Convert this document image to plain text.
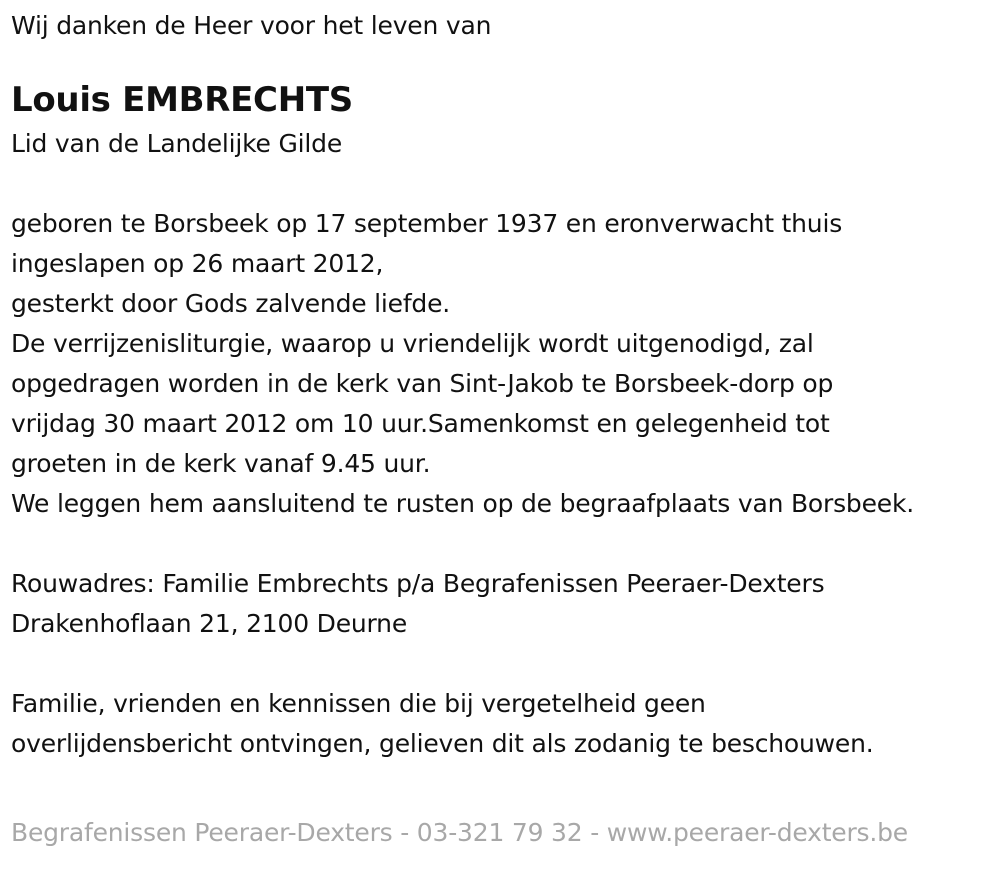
Wij danken de Heer voor het leven van
Louis EMBRECHTS
Lid van de Landelijke Gilde
geboren te Borsbeek op 17 september 1937 en eronverwacht thuis
ingeslapen op 26 maart 2012,
gesterkt door Gods zalvende liefde.
De verrijzenisliturgie, waarop u vriendelijk wordt uitgenodigd, zal
opgedragen worden in de kerk van Sint-Jakob te Borsbeek-dorp op
vrijdag 30 maart 2012 om 10 uur.Samenkomst en gelegenheid tot
groeten in de kerk vanaf 9.45 uur.
We leggen hem aansluitend te rusten op de begraafplaats van Borsbeek.
Rouwadres: Familie Embrechts p/a Begrafenissen Peeraer-Dexters
Drakenhoflaan 21, 2100 Deurne
Familie, vrienden en kennissen die bij vergetelheid geen
overlijdensbericht ontvingen, gelieven dit als zodanig te beschouwen.
Begrafenissen Peeraer-Dexters - 03-321 79 32 - www.peeraer-dexters.be
